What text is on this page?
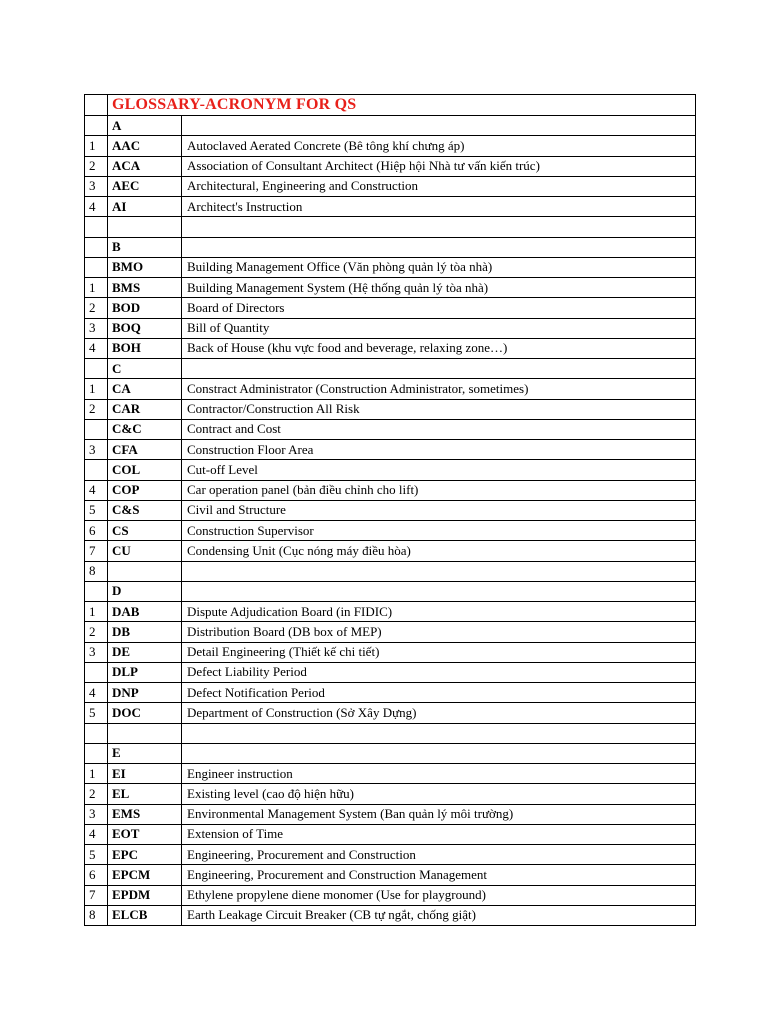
	GLOSSARY-ACRONYM FOR QS	
	A	
1	AAC	Autoclaved Aerated Concrete (Bê tông khí chưng áp)
2	ACA	Association of Consultant Architect (Hiệp hội Nhà tư vấn kiến trúc)
3	AEC	Architectural, Engineering and Construction
4	AI	Architect's Instruction

	B	
	BMO	Building Management Office (Văn phòng quản lý tòa nhà)
1	BMS	Building Management System (Hệ thống quản lý tòa nhà)
2	BOD	Board of Directors
3	BOQ	Bill of Quantity
4	BOH	Back of House (khu vực food and beverage, relaxing zone…)
	C	
1	CA	Constract Administrator (Construction Administrator, sometimes)
2	CAR	Contractor/Construction All Risk
	C&C	Contract and Cost
3	CFA	Construction Floor Area
	COL	Cut-off Level
4	COP	Car operation panel (bản điều chỉnh cho lift)
5	C&S	Civil and Structure
6	CS	Construction Supervisor
7	CU	Condensing Unit (Cục nóng máy điều hòa)
8		
	D	
1	DAB	Dispute Adjudication Board (in FIDIC)
2	DB	Distribution Board (DB box of MEP)
3	DE	Detail Engineering (Thiết kế chi tiết)
	DLP	Defect Liability Period
4	DNP	Defect Notification Period
5	DOC	Department of Construction (Sở Xây Dựng)

	E	
1	EI	Engineer instruction
2	EL	Existing level (cao độ hiện hữu)
3	EMS	Environmental Management System (Ban quản lý môi trường)
4	EOT	Extension of Time
5	EPC	Engineering, Procurement and Construction
6	EPCM	Engineering, Procurement and Construction Management
7	EPDM	Ethylene propylene diene monomer (Use for playground)
8	ELCB	Earth Leakage Circuit Breaker (CB tự ngắt, chống giật)
